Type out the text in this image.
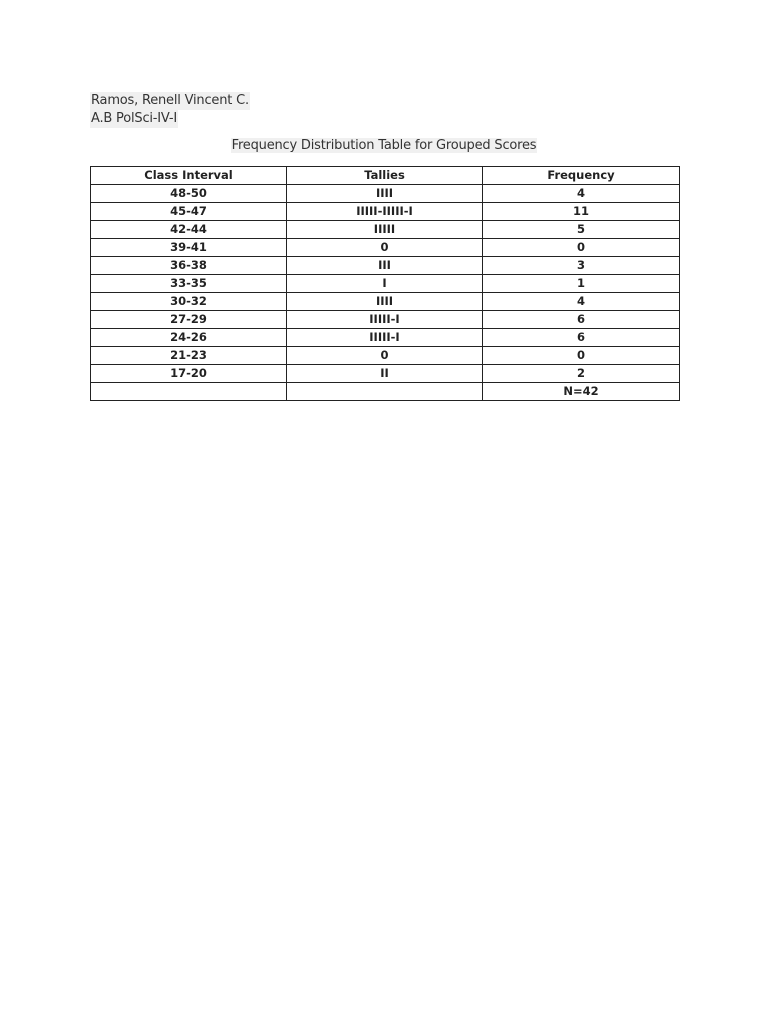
Ramos, Renell Vincent C.
A.B PolSci-IV-I
Frequency Distribution Table for Grouped Scores
Class Interval	Tallies	Frequency
48-50	IIII	4
45-47	IIIII-IIIII-I	11
42-44	IIIII	5
39-41	0	0
36-38	III	3
33-35	I	1
30-32	IIII	4
27-29	IIIII-I	6
24-26	IIIII-I	6
21-23	0	0
17-20	II	2
		N=42
